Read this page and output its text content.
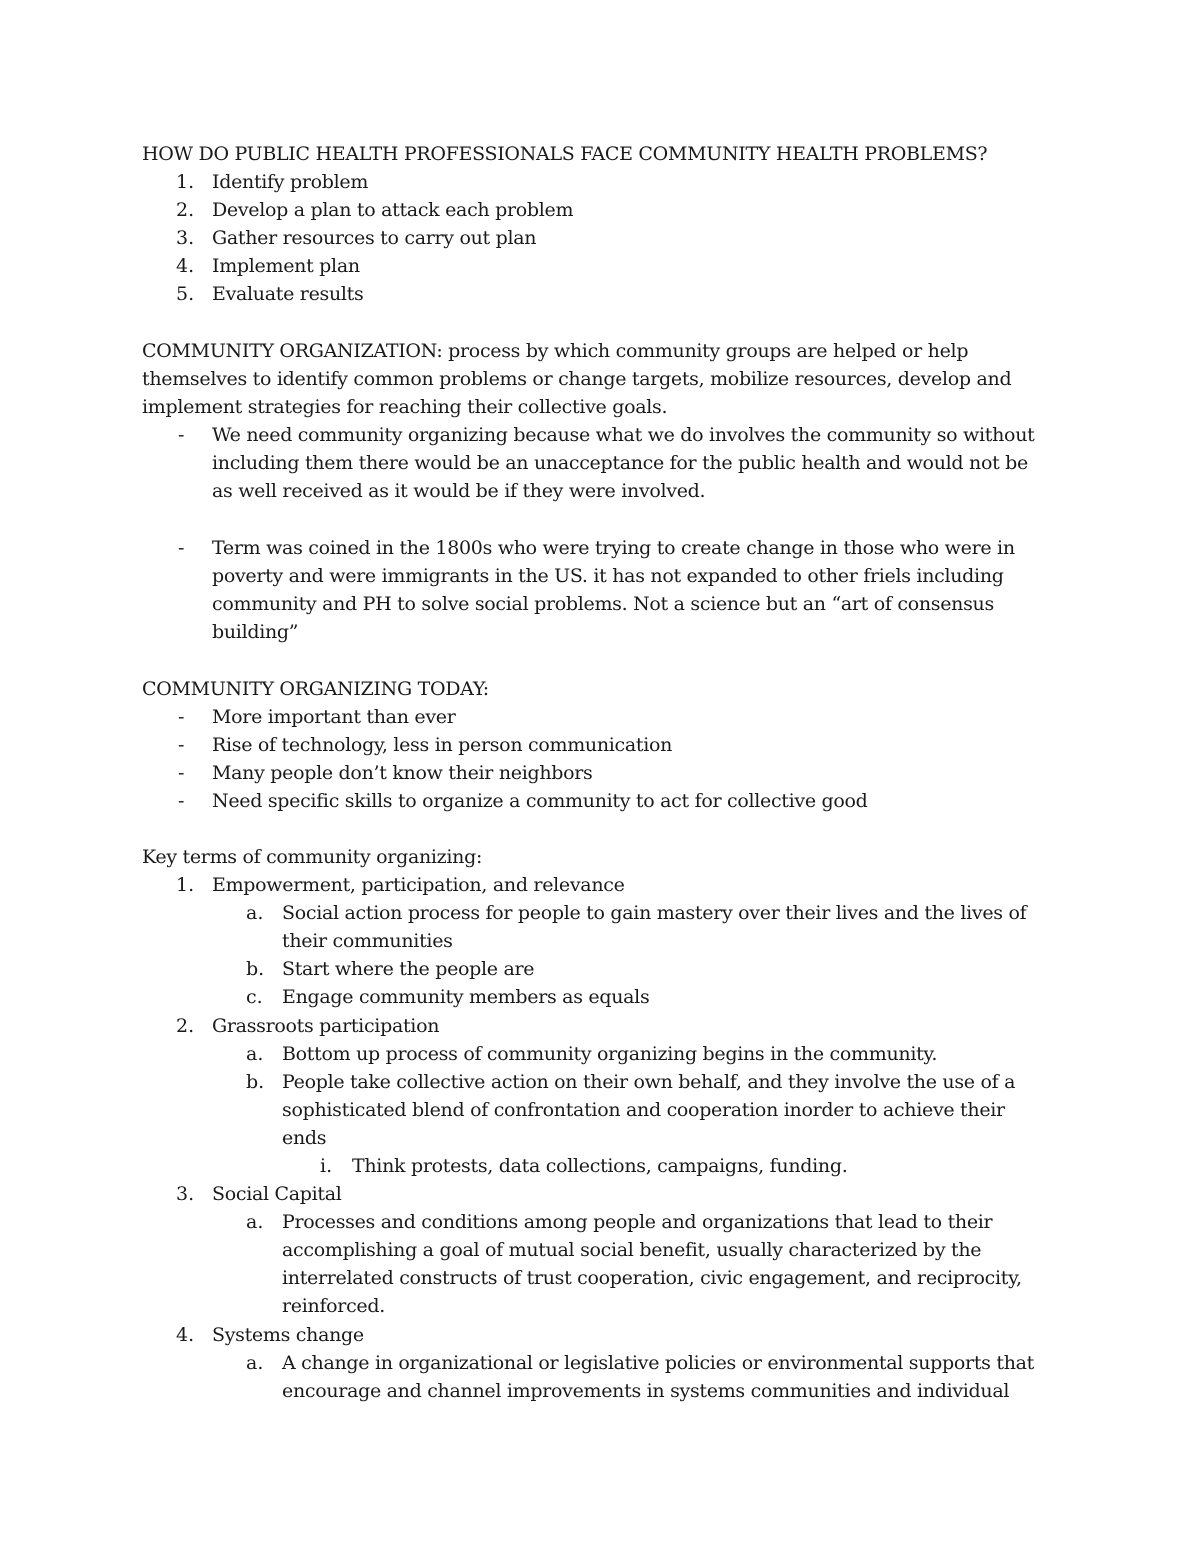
HOW DO PUBLIC HEALTH PROFESSIONALS FACE COMMUNITY HEALTH PROBLEMS?
1. Identify problem
2. Develop a plan to attack each problem
3. Gather resources to carry out plan
4. Implement plan
5. Evaluate results
COMMUNITY ORGANIZATION: process by which community groups are helped or help
themselves to identify common problems or change targets, mobilize resources, develop and
implement strategies for reaching their collective goals.
- We need community organizing because what we do involves the community so without
including them there would be an unacceptance for the public health and would not be
as well received as it would be if they were involved.
- Term was coined in the 1800s who were trying to create change in those who were in
poverty and were immigrants in the US. it has not expanded to other friels including
community and PH to solve social problems. Not a science but an “art of consensus
building”
COMMUNITY ORGANIZING TODAY:
- More important than ever
- Rise of technology, less in person communication
- Many people don’t know their neighbors
- Need specific skills to organize a community to act for collective good
Key terms of community organizing:
1. Empowerment, participation, and relevance
a. Social action process for people to gain mastery over their lives and the lives of
their communities
b. Start where the people are
c. Engage community members as equals
2. Grassroots participation
a. Bottom up process of community organizing begins in the community.
b. People take collective action on their own behalf, and they involve the use of a
sophisticated blend of confrontation and cooperation inorder to achieve their
ends
i. Think protests, data collections, campaigns, funding.
3. Social Capital
a. Processes and conditions among people and organizations that lead to their
accomplishing a goal of mutual social benefit, usually characterized by the
interrelated constructs of trust cooperation, civic engagement, and reciprocity,
reinforced.
4. Systems change
a. A change in organizational or legislative policies or environmental supports that
encourage and channel improvements in systems communities and individual
